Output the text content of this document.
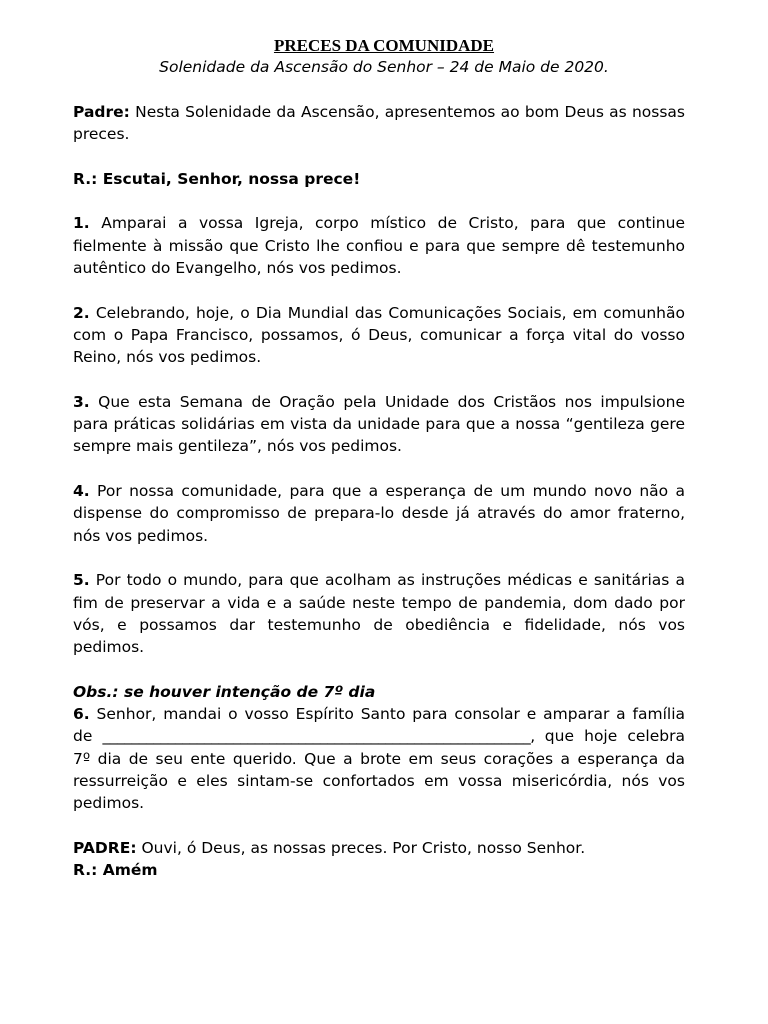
PRECES DA COMUNIDADE
Solenidade da Ascensão do Senhor – 24 de Maio de 2020.

Padre: Nesta Solenidade da Ascensão, apresentemos ao bom Deus as nossas preces.

R.: Escutai, Senhor, nossa prece!

1. Amparai a vossa Igreja, corpo místico de Cristo, para que continue fielmente à missão que Cristo lhe confiou e para que sempre dê testemunho autêntico do Evangelho, nós vos pedimos.

2. Celebrando, hoje, o Dia Mundial das Comunicações Sociais, em comunhão com o Papa Francisco, possamos, ó Deus, comunicar a força vital do vosso Reino, nós vos pedimos.

3. Que esta Semana de Oração pela Unidade dos Cristãos nos impulsione para práticas solidárias em vista da unidade para que a nossa “gentileza gere sempre mais gentileza”, nós vos pedimos.

4. Por nossa comunidade, para que a esperança de um mundo novo não a dispense do compromisso de prepara-lo desde já através do amor fraterno, nós vos pedimos.

5. Por todo o mundo, para que acolham as instruções médicas e sanitárias a fim de preservar a vida e a saúde neste tempo de pandemia, dom dado por vós, e possamos dar testemunho de obediência e fidelidade, nós vos pedimos.

Obs.: se houver intenção de 7º dia

6. Senhor, mandai o vosso Espírito Santo para consolar e amparar a família de ___________________________________________________________, que hoje celebra 7º dia de seu ente querido. Que a brote em seus corações a esperança da ressurreição e eles sintam-se confortados em vossa misericórdia, nós vos pedimos.

PADRE: Ouvi, ó Deus, as nossas preces. Por Cristo, nosso Senhor.

R.: Amém
